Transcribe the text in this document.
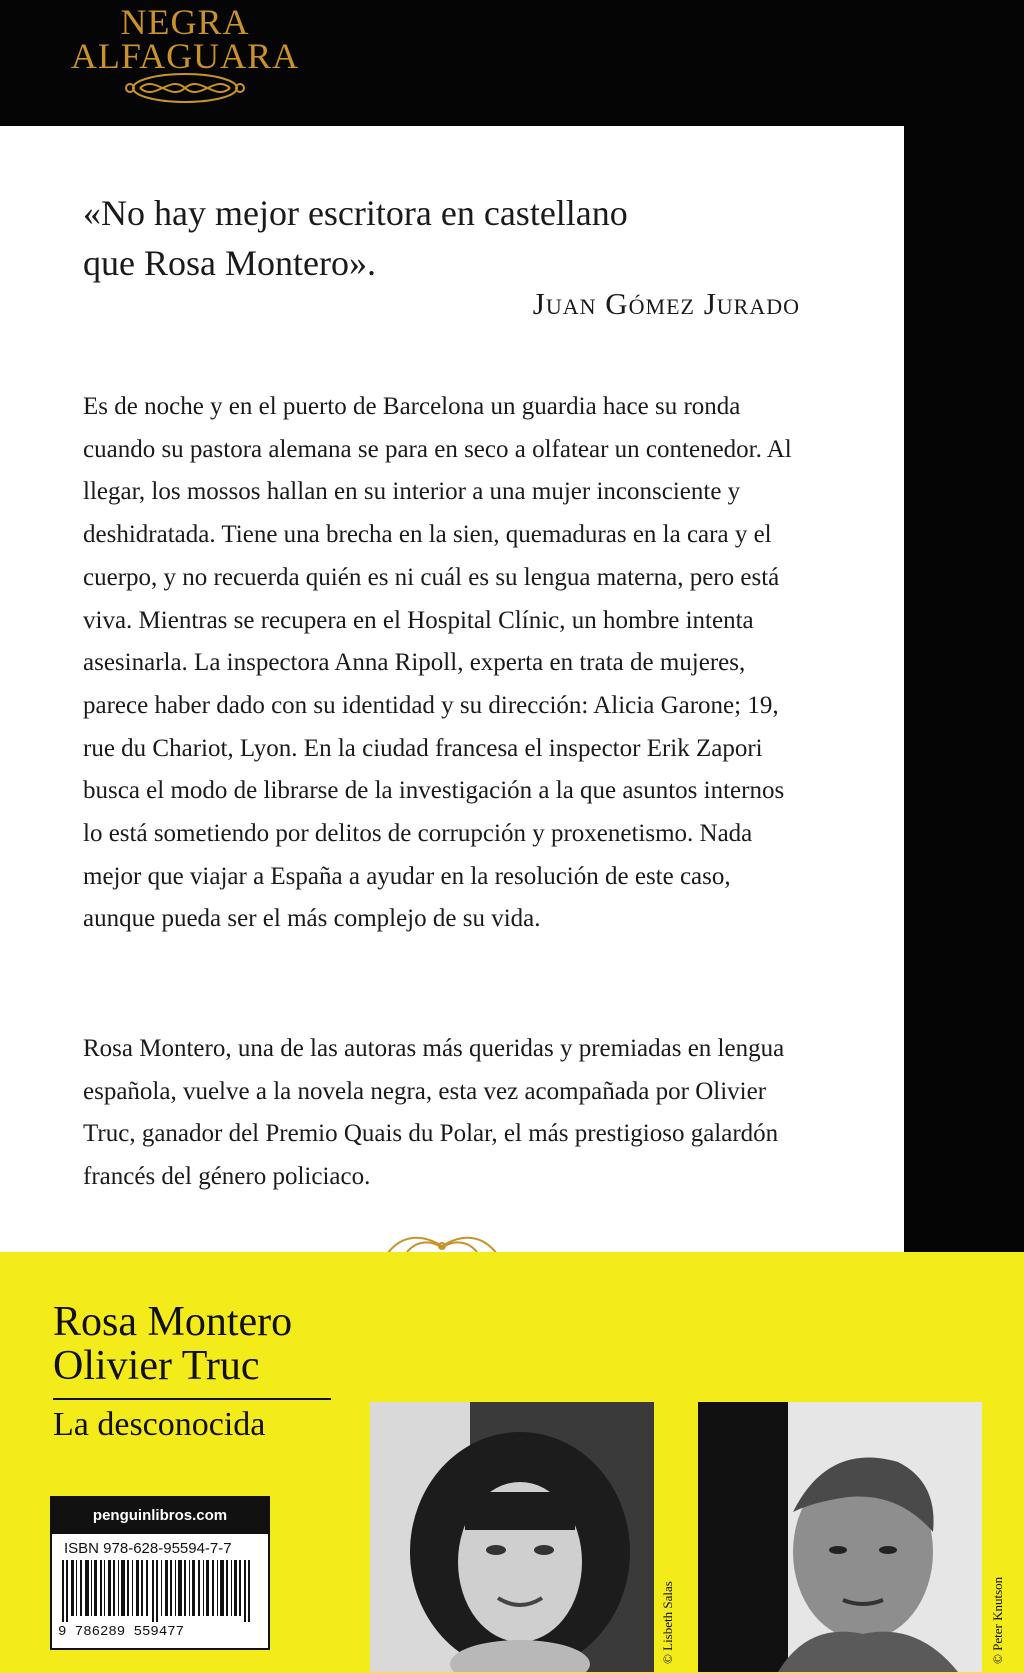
NEGRA
ALFAGUARA
«No hay mejor escritora en castellano
que Rosa Montero».
Juan Gómez Jurado

Es de noche y en el puerto de Barcelona un guardia hace su ronda cuando su pastora alemana se para en seco a olfatear un contenedor. Al llegar, los mossos hallan en su interior a una mujer inconsciente y deshidratada. Tiene una brecha en la sien, quemaduras en la cara y el cuerpo, y no recuerda quién es ni cuál es su lengua materna, pero está viva. Mientras se recupera en el Hospital Clínic, un hombre intenta asesinarla. La inspectora Anna Ripoll, experta en trata de mujeres, parece haber dado con su identidad y su dirección: Alicia Garone; 19, rue du Chariot, Lyon. En la ciudad francesa el inspector Erik Zapori busca el modo de librarse de la investigación a la que asuntos internos lo está sometiendo por delitos de corrupción y proxenetismo. Nada mejor que viajar a España a ayudar en la resolución de este caso, aunque pueda ser el más complejo de su vida.

Rosa Montero, una de las autoras más queridas y premiadas en lengua española, vuelve a la novela negra, esta vez acompañada por Olivier Truc, ganador del Premio Quais du Polar, el más prestigioso galardón francés del género policiaco.

Rosa Montero
Olivier Truc
La desconocida
penguinlibros.com
ISBN 978-628-95594-7-7
9 786289 559477	© Lisbeth Salas	© Peter Knutson
